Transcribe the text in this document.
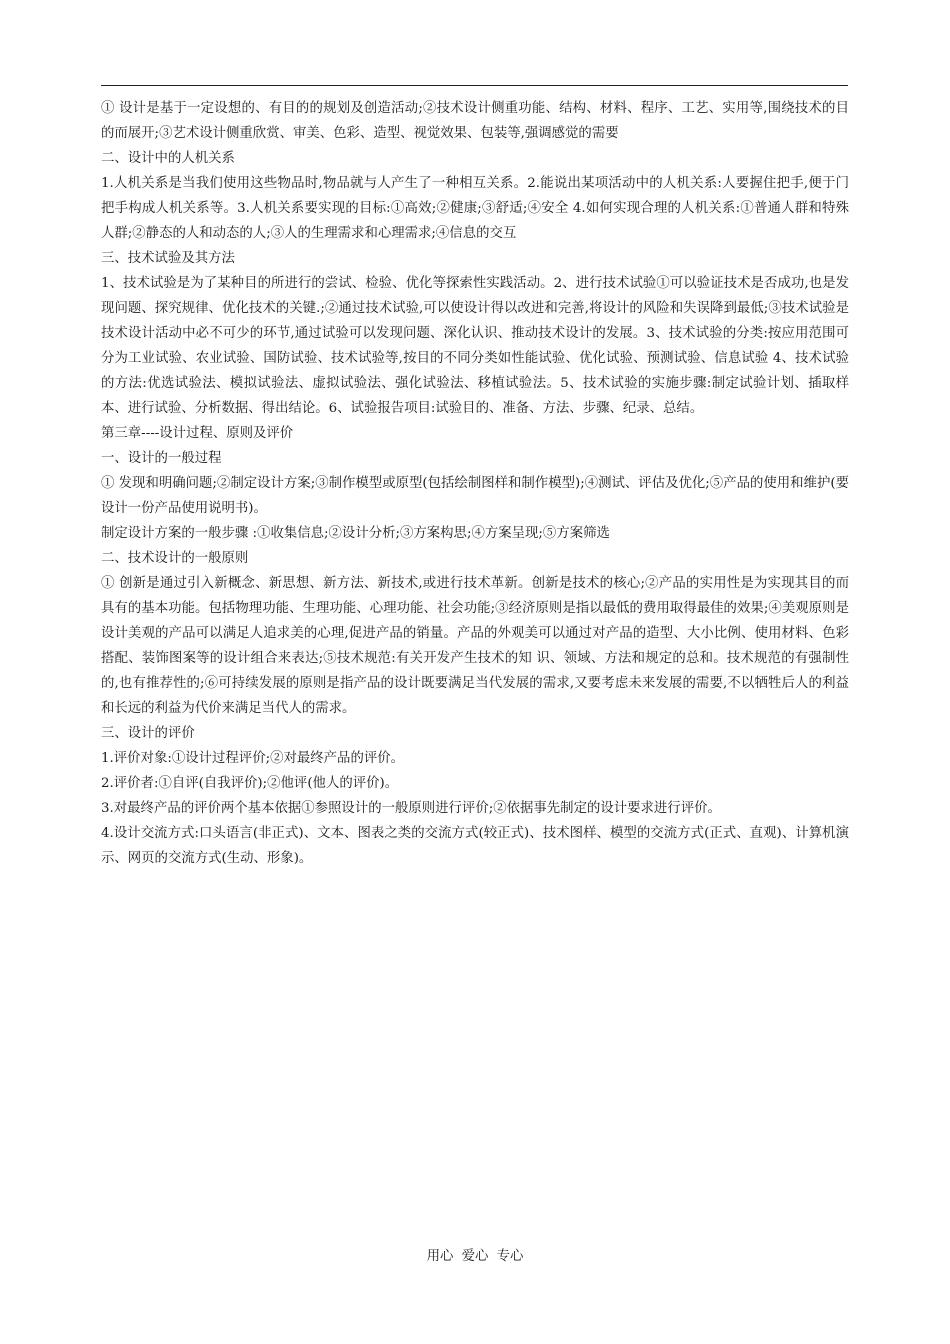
① 设计是基于一定设想的、有目的的规划及创造活动;②技术设计侧重功能、结构、材料、程序、工艺、实用等,围绕技术的目的而展开;③艺术设计侧重欣赏、审美、色彩、造型、视觉效果、包装等,强调感觉的需要

二、设计中的人机关系

1.人机关系是当我们使用这些物品时,物品就与人产生了一种相互关系。2.能说出某项活动中的人机关系:人要握住把手,便于门把手构成人机关系等。3.人机关系要实现的目标:①高效;②健康;③舒适;④安全 4.如何实现合理的人机关系:①普通人群和特殊人群;②静态的人和动态的人;③人的生理需求和心理需求;④信息的交互

三、技术试验及其方法

1、技术试验是为了某种目的所进行的尝试、检验、优化等探索性实践活动。2、进行技术试验①可以验证技术是否成功,也是发现问题、探究规律、优化技术的关键.;②通过技术试验,可以使设计得以改进和完善,将设计的风险和失误降到最低;③技术试验是技术设计活动中必不可少的环节,通过试验可以发现问题、深化认识、推动技术设计的发展。3、技术试验的分类:按应用范围可分为工业试验、农业试验、国防试验、技术试验等,按目的不同分类如性能试验、优化试验、预测试验、信息试验 4、技术试验的方法:优选试验法、模拟试验法、虚拟试验法、强化试验法、移植试验法。5、技术试验的实施步骤:制定试验计划、插取样本、进行试验、分析数据、得出结论。6、试验报告项目:试验目的、准备、方法、步骤、纪录、总结。

第三章----设计过程、原则及评价

一、设计的一般过程

① 发现和明确问题;②制定设计方案;③制作模型或原型(包括绘制图样和制作模型);④测试、评估及优化;⑤产品的使用和维护(要设计一份产品使用说明书)。

制定设计方案的一般步骤 :①收集信息;②设计分析;③方案构思;④方案呈现;⑤方案筛选

二、技术设计的一般原则

① 创新是通过引入新概念、新思想、新方法、新技术,或进行技术革新。创新是技术的核心;②产品的实用性是为实现其目的而具有的基本功能。包括物理功能、生理功能、心理功能、社会功能;③经济原则是指以最低的费用取得最佳的效果;④美观原则是设计美观的产品可以满足人追求美的心理,促进产品的销量。产品的外观美可以通过对产品的造型、大小比例、使用材料、色彩搭配、装饰图案等的设计组合来表达;⑤技术规范:有关开发产生技术的知 识、领域、方法和规定的总和。技术规范的有强制性的,也有推荐性的;⑥可持续发展的原则是指产品的设计既要满足当代发展的需求,又要考虑未来发展的需要,不以牺牲后人的利益和长远的利益为代价来满足当代人的需求。

三、设计的评价

1.评价对象:①设计过程评价;②对最终产品的评价。

2.评价者:①自评(自我评价);②他评(他人的评价)。

3.对最终产品的评价两个基本依据①参照设计的一般原则进行评价;②依据事先制定的设计要求进行评价。

4.设计交流方式:口头语言(非正式)、文本、图表之类的交流方式(较正式)、技术图样、模型的交流方式(正式、直观)、计算机演示、网页的交流方式(生动、形象)。

用心 爱心 专心
